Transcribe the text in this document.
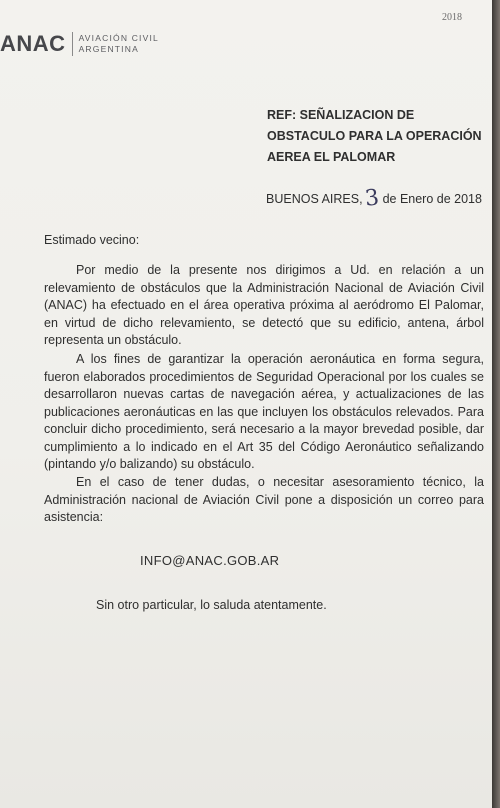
2018
ANAC AVIACIÓN CIVIL
ARGENTINA
REF: SEÑALIZACION DE OBSTACULO PARA LA OPERACIÓN AEREA EL PALOMAR
BUENOS AIRES,3 de Enero de 2018
Estimado vecino:

Por medio de la presente nos dirigimos a Ud. en relación a un relevamiento de obstáculos que la Administración Nacional de Aviación Civil (ANAC) ha efectuado en el área operativa próxima al aeródromo El Palomar, en virtud de dicho relevamiento, se detectó que su edificio, antena, árbol representa un obstáculo.

A los fines de garantizar la operación aeronáutica en forma segura, fueron elaborados procedimientos de Seguridad Operacional por los cuales se desarrollaron nuevas cartas de navegación aérea, y actualizaciones de las publicaciones aeronáuticas en las que incluyen los obstáculos relevados. Para concluir dicho procedimiento, será necesario a la mayor brevedad posible, dar cumplimiento a lo indicado en el Art 35 del Código Aeronáutico señalizando (pintando y/o balizando) su obstáculo.

En el caso de tener dudas, o necesitar asesoramiento técnico, la Administración nacional de Aviación Civil pone a disposición un correo para asistencia:

INFO@ANAC.GOB.AR
Sin otro particular, lo saluda atentamente.
